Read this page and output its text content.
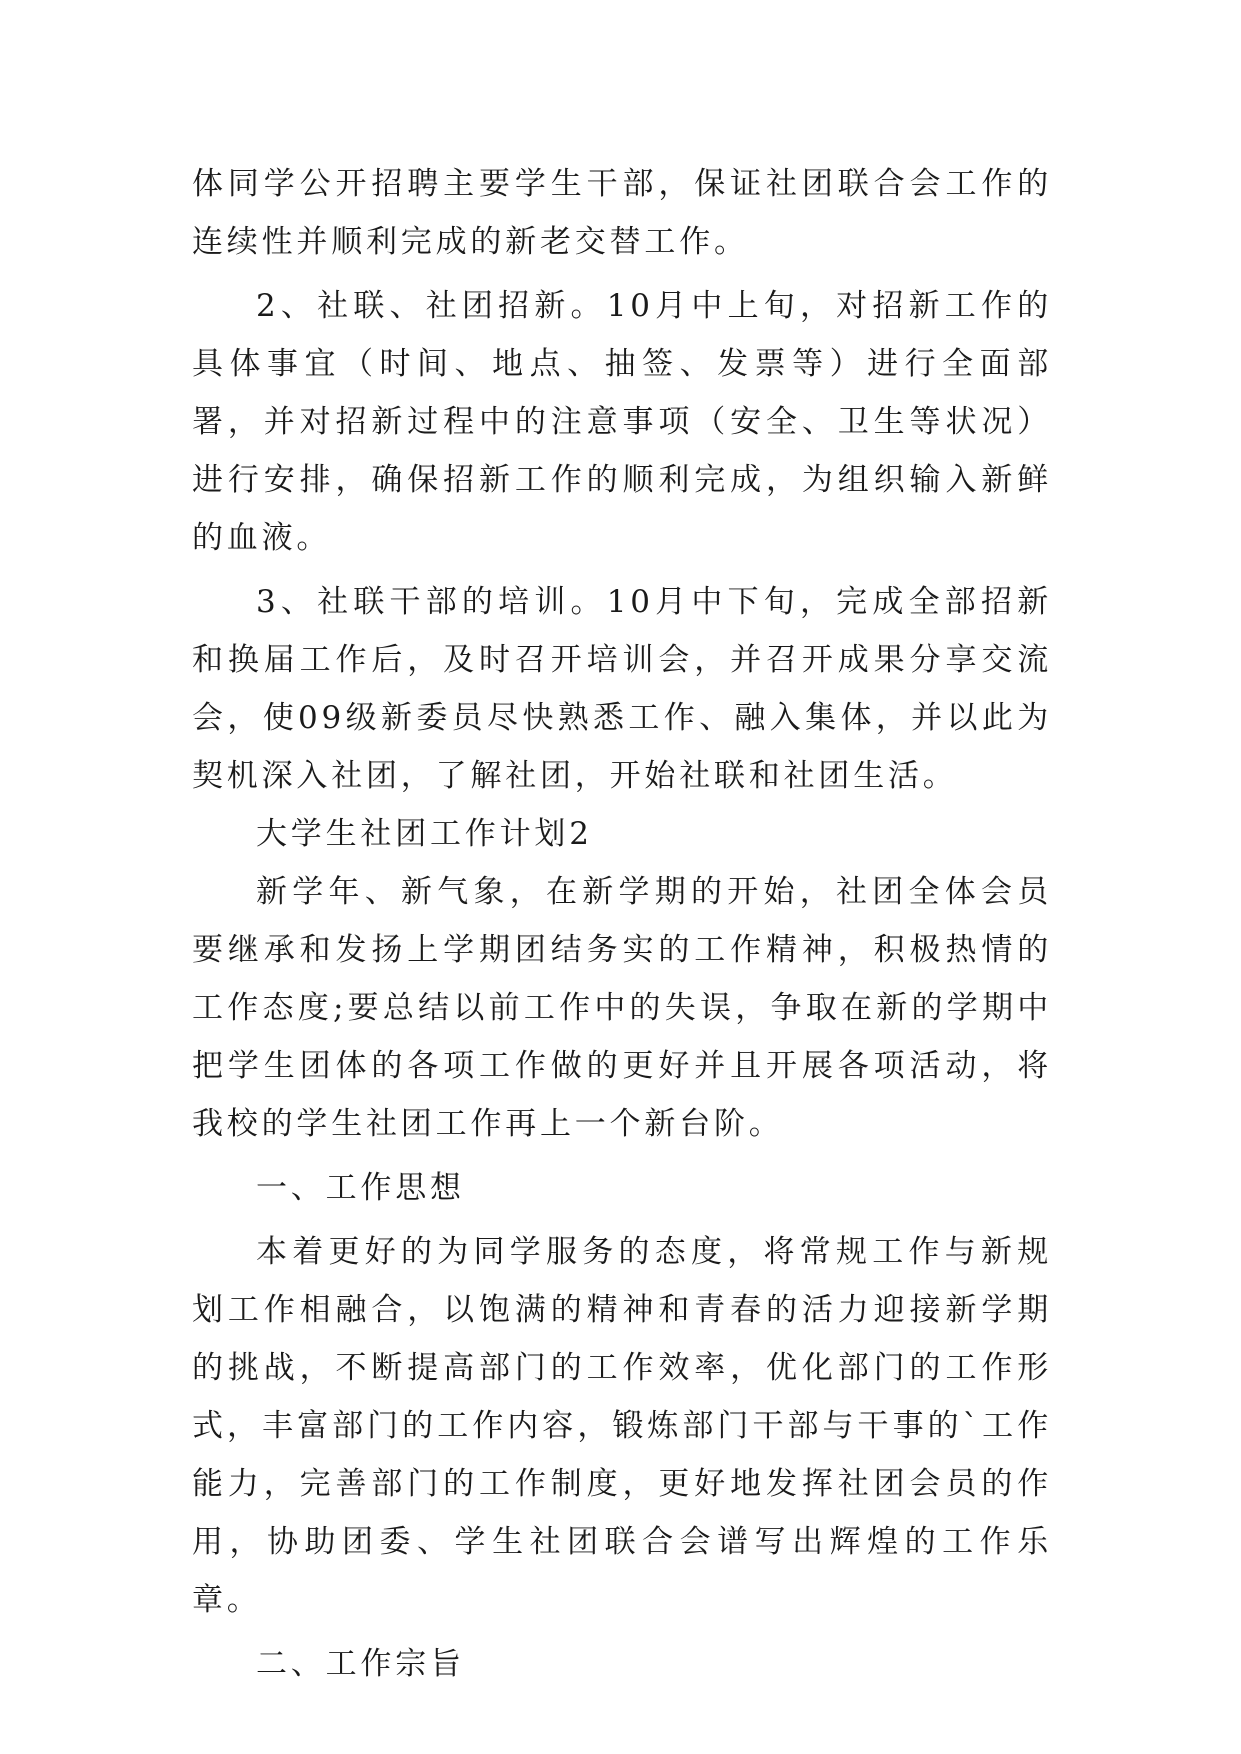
体同学公开招聘主要学生干部，保证社团联合会工作的连续性并顺利完成的新老交替工作。

2、社联、社团招新。10月中上旬，对招新工作的具体事宜（时间、地点、抽签、发票等）进行全面部署，并对招新过程中的注意事项（安全、卫生等状况）进行安排，确保招新工作的顺利完成，为组织输入新鲜的血液。

3、社联干部的培训。10月中下旬，完成全部招新和换届工作后，及时召开培训会，并召开成果分享交流会，使09级新委员尽快熟悉工作、融入集体，并以此为契机深入社团，了解社团，开始社联和社团生活。

大学生社团工作计划2

新学年、新气象，在新学期的开始，社团全体会员要继承和发扬上学期团结务实的工作精神，积极热情的工作态度;要总结以前工作中的失误，争取在新的学期中把学生团体的各项工作做的更好并且开展各项活动，将我校的学生社团工作再上一个新台阶。

一、工作思想

本着更好的为同学服务的态度，将常规工作与新规划工作相融合，以饱满的精神和青春的活力迎接新学期的挑战，不断提高部门的工作效率，优化部门的工作形式，丰富部门的工作内容，锻炼部门干部与干事的`工作能力，完善部门的工作制度，更好地发挥社团会员的作用，协助团委、学生社团联合会谱写出辉煌的工作乐章。

二、工作宗旨
